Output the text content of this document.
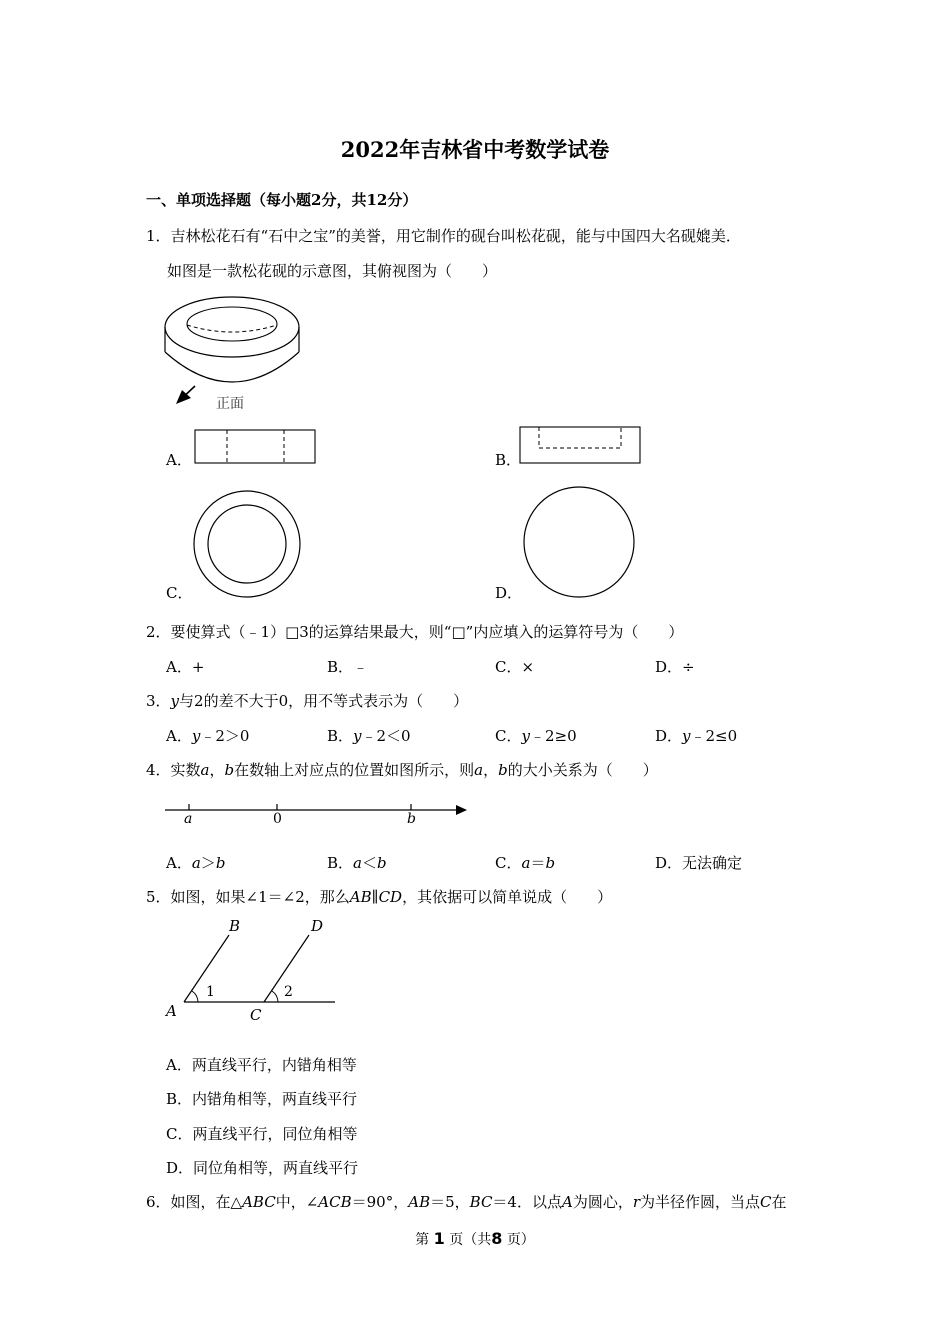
2022年吉林省中考数学试卷
一、单项选择题（每小题2分，共12分）
1．吉林松花石有“石中之宝”的美誉，用它制作的砚台叫松花砚，能与中国四大名砚媲美．
如图是一款松花砚的示意图，其俯视图为（　　）
正面
A．	B．
C．	D．
2．要使算式（﹣1）□3的运算结果最大，则“□”内应填入的运算符号为（　　）
A．+	B．﹣	C．×	D．÷
3．y与2的差不大于0，用不等式表示为（　　）
A．y﹣2＞0	B．y﹣2＜0	C．y﹣2≥0	D．y﹣2≤0
4．实数a，b在数轴上对应点的位置如图所示，则a，b的大小关系为（　　）
a	0	b
A．a＞b	B．a＜b	C．a＝b	D．无法确定
5．如图，如果∠1＝∠2，那么AB∥CD，其依据可以简单说成（　　）
B	D
1	2
A	C
A．两直线平行，内错角相等
B．内错角相等，两直线平行
C．两直线平行，同位角相等
D．同位角相等，两直线平行
6．如图，在△ABC中，∠ACB＝90°，AB＝5，BC＝4．以点A为圆心，r为半径作圆，当点C在
第 1 页（共8 页）
